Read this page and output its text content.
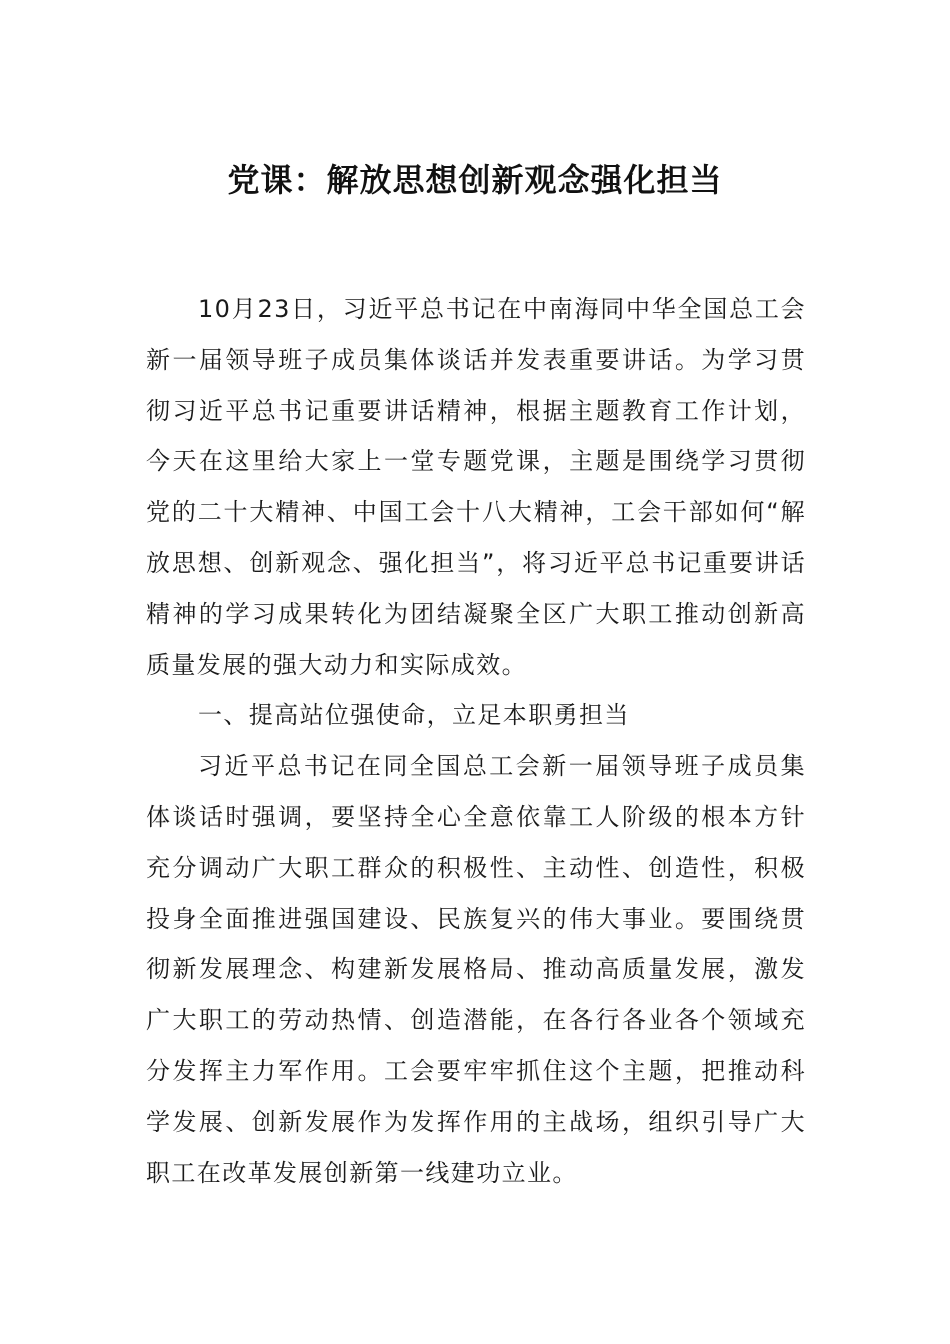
党课：解放思想创新观念强化担当

10月23日，习近平总书记在中南海同中华全国总工会新一届领导班子成员集体谈话并发表重要讲话。为学习贯彻习近平总书记重要讲话精神，根据主题教育工作计划，今天在这里给大家上一堂专题党课，主题是围绕学习贯彻党的二十大精神、中国工会十八大精神，工会干部如何“解放思想、创新观念、强化担当”，将习近平总书记重要讲话精神的学习成果转化为团结凝聚全区广大职工推动创新高质量发展的强大动力和实际成效。

一、提高站位强使命，立足本职勇担当

习近平总书记在同全国总工会新一届领导班子成员集体谈话时强调，要坚持全心全意依靠工人阶级的根本方针充分调动广大职工群众的积极性、主动性、创造性，积极投身全面推进强国建设、民族复兴的伟大事业。要围绕贯彻新发展理念、构建新发展格局、推动高质量发展，激发广大职工的劳动热情、创造潜能，在各行各业各个领域充分发挥主力军作用。工会要牢牢抓住这个主题，把推动科学发展、创新发展作为发挥作用的主战场，组织引导广大职工在改革发展创新第一线建功立业。
